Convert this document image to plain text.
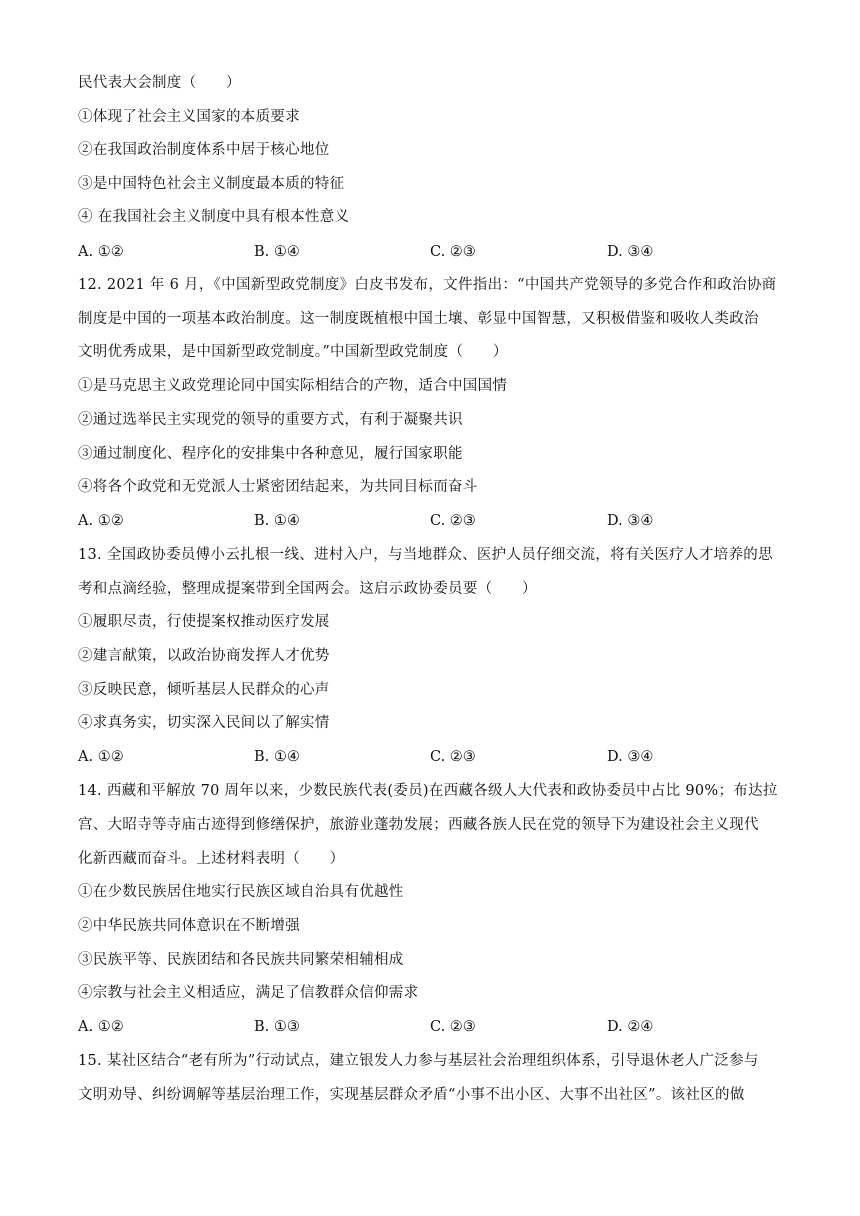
民代表大会制度（　　）
①体现了社会主义国家的本质要求
②在我国政治制度体系中居于核心地位
③是中国特色社会主义制度最本质的特征
④ 在我国社会主义制度中具有根本性意义
A. ①②	B. ①④	C. ②③	D. ③④
12. 2021 年 6 月，《中国新型政党制度》白皮书发布，文件指出：“中国共产党领导的多党合作和政治协商
制度是中国的一项基本政治制度。这一制度既植根中国土壤、彰显中国智慧，又积极借鉴和吸收人类政治
文明优秀成果，是中国新型政党制度。”中国新型政党制度（　　）
①是马克思主义政党理论同中国实际相结合的产物，适合中国国情
②通过选举民主实现党的领导的重要方式，有利于凝聚共识
③通过制度化、程序化的安排集中各种意见，履行国家职能
④将各个政党和无党派人士紧密团结起来，为共同目标而奋斗
A. ①②	B. ①④	C. ②③	D. ③④
13. 全国政协委员傅小云扎根一线、进村入户，与当地群众、医护人员仔细交流，将有关医疗人才培养的思
考和点滴经验，整理成提案带到全国两会。这启示政协委员要（　　）
①履职尽责，行使提案权推动医疗发展
②建言献策，以政治协商发挥人才优势
③反映民意，倾听基层人民群众的心声
④求真务实，切实深入民间以了解实情
A. ①②	B. ①④	C. ②③	D. ③④
14. 西藏和平解放 70 周年以来，少数民族代表(委员)在西藏各级人大代表和政协委员中占比 90%；布达拉
宫、大昭寺等寺庙古迹得到修缮保护，旅游业蓬勃发展；西藏各族人民在党的领导下为建设社会主义现代
化新西藏而奋斗。上述材料表明（　　）
①在少数民族居住地实行民族区域自治具有优越性
②中华民族共同体意识在不断增强
③民族平等、民族团结和各民族共同繁荣相辅相成
④宗教与社会主义相适应，满足了信教群众信仰需求
A. ①②	B. ①③	C. ②③	D. ②④
15. 某社区结合“老有所为”行动试点，建立银发人力参与基层社会治理组织体系，引导退休老人广泛参与
文明劝导、纠纷调解等基层治理工作，实现基层群众矛盾“小事不出小区、大事不出社区”。该社区的做
